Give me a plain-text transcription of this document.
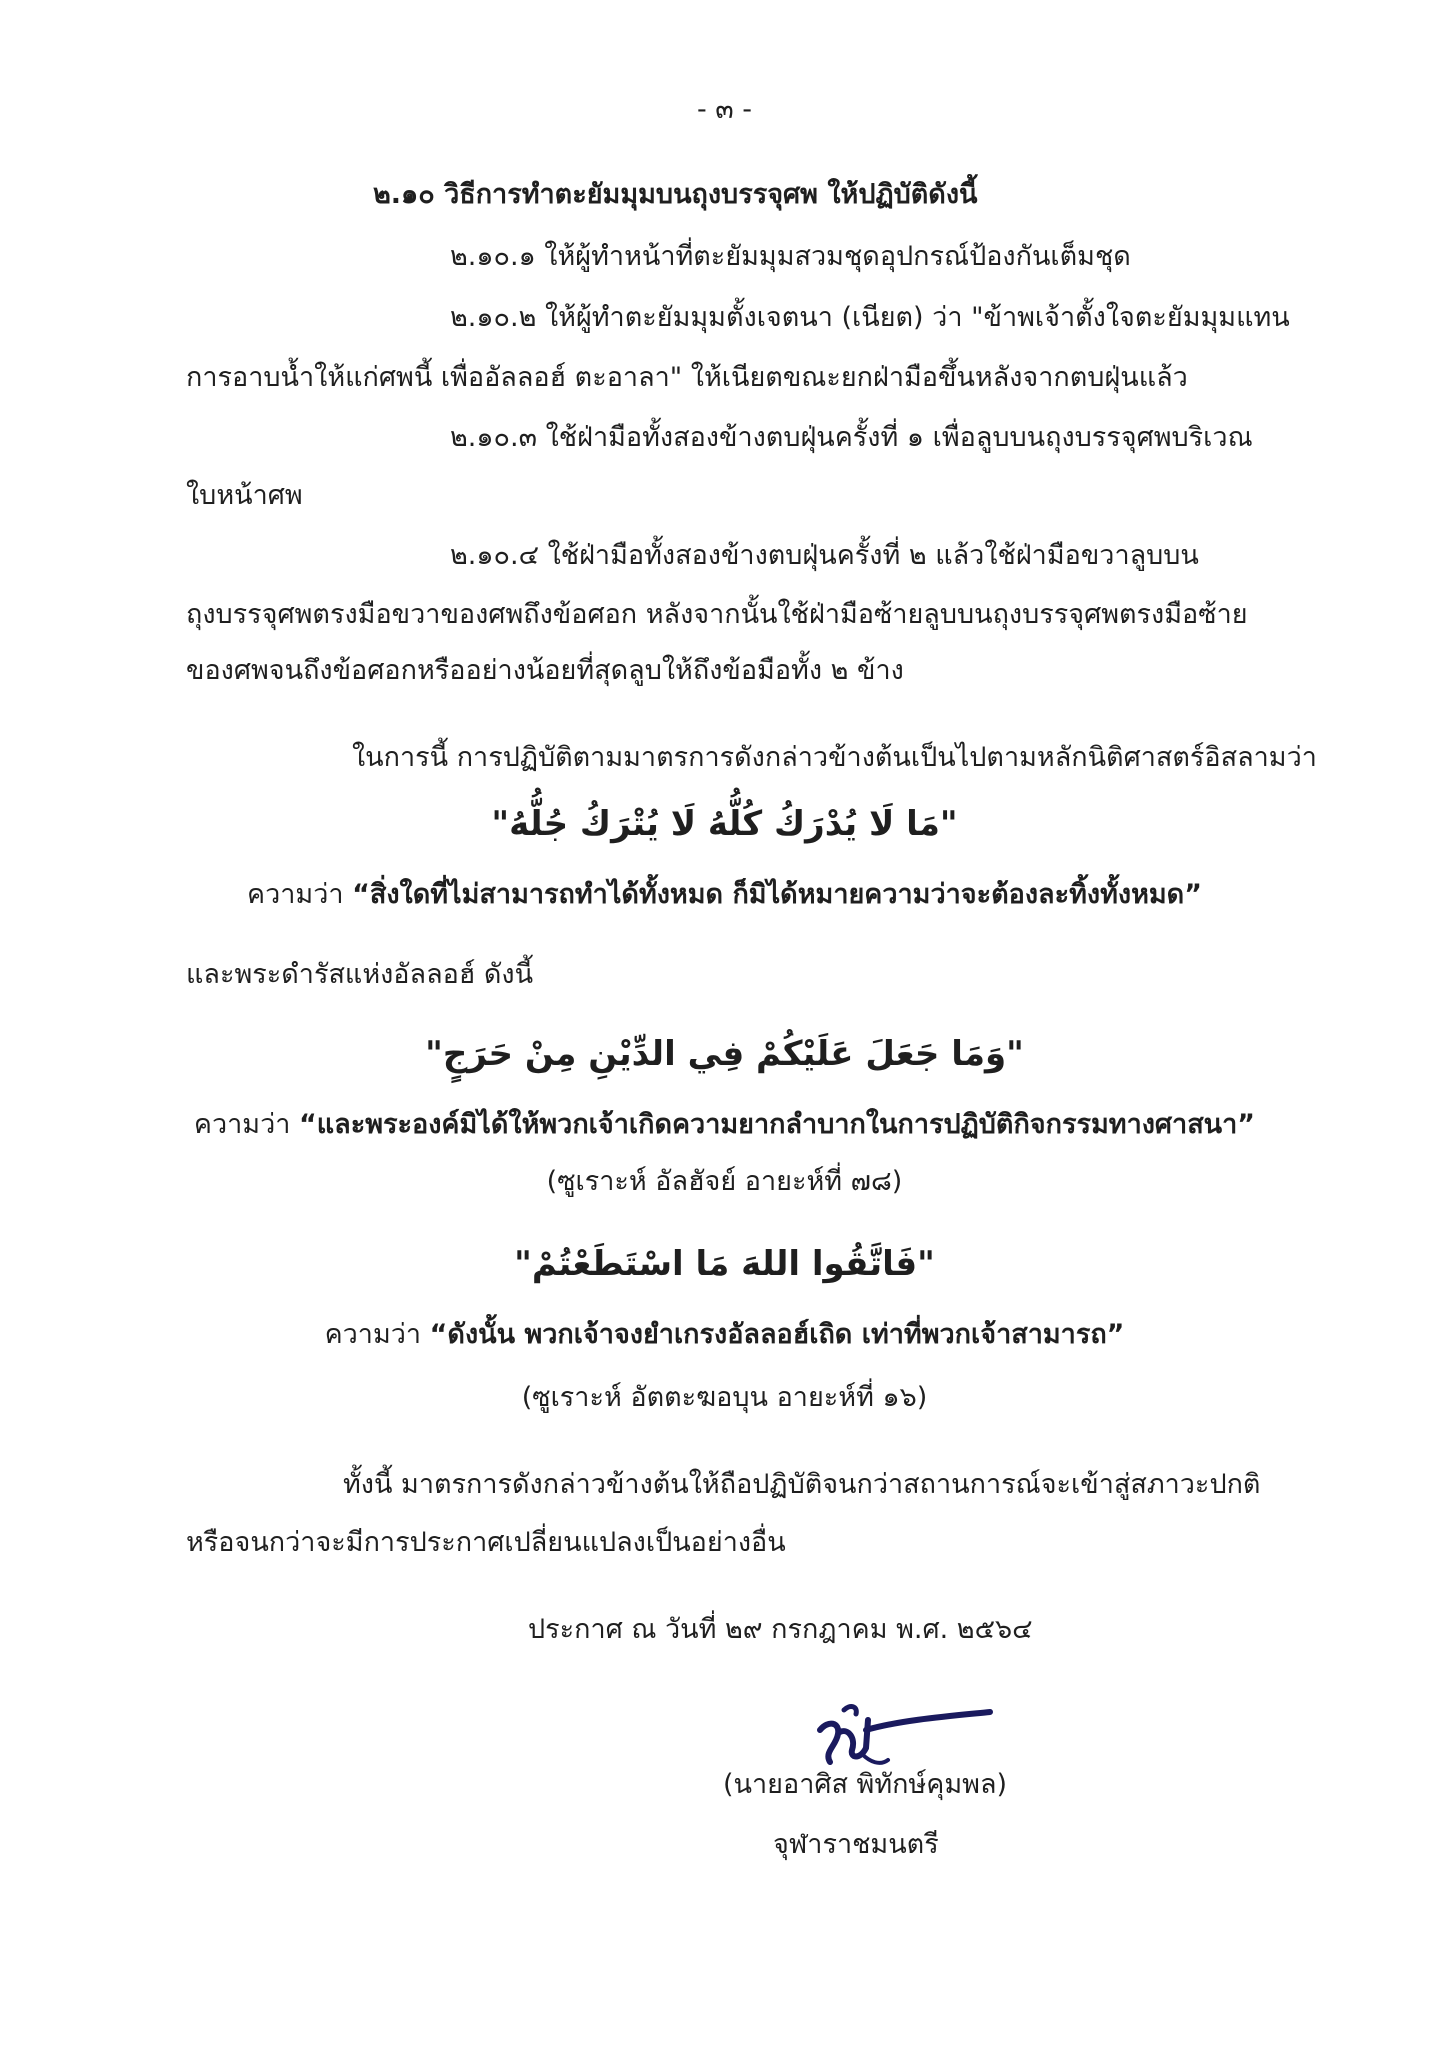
- ๓ -
๒.๑๐ วิธีการทำตะยัมมุมบนถุงบรรจุศพ ให้ปฏิบัติดังนี้
๒.๑๐.๑ ให้ผู้ทำหน้าที่ตะยัมมุมสวมชุดอุปกรณ์ป้องกันเต็มชุด
๒.๑๐.๒ ให้ผู้ทำตะยัมมุมตั้งเจตนา (เนียต) ว่า "ข้าพเจ้าตั้งใจตะยัมมุมแทน
การอาบน้ำให้แก่ศพนี้ เพื่ออัลลอฮ์ ตะอาลา" ให้เนียตขณะยกฝ่ามือขึ้นหลังจากตบฝุ่นแล้ว
๒.๑๐.๓ ใช้ฝ่ามือทั้งสองข้างตบฝุ่นครั้งที่ ๑ เพื่อลูบบนถุงบรรจุศพบริเวณ
ใบหน้าศพ
๒.๑๐.๔ ใช้ฝ่ามือทั้งสองข้างตบฝุ่นครั้งที่ ๒ แล้วใช้ฝ่ามือขวาลูบบน
ถุงบรรจุศพตรงมือขวาของศพถึงข้อศอก หลังจากนั้นใช้ฝ่ามือซ้ายลูบบนถุงบรรจุศพตรงมือซ้าย
ของศพจนถึงข้อศอกหรืออย่างน้อยที่สุดลูบให้ถึงข้อมือทั้ง ๒ ข้าง
ในการนี้ การปฏิบัติตามมาตรการดังกล่าวข้างต้นเป็นไปตามหลักนิติศาสตร์อิสลามว่า
"مَا لَا يُدْرَكُ كُلُّهُ لَا يُتْرَكُ جُلُّهُ"
ความว่า “สิ่งใดที่ไม่สามารถทำได้ทั้งหมด ก็มิได้หมายความว่าจะต้องละทิ้งทั้งหมด”
และพระดำรัสแห่งอัลลอฮ์ ดังนี้
"وَمَا جَعَلَ عَلَيْكُمْ فِي الدِّيْنِ مِنْ حَرَجٍ"
ความว่า “และพระองค์มิได้ให้พวกเจ้าเกิดความยากลำบากในการปฏิบัติกิจกรรมทางศาสนา”
(ซูเราะห์ อัลฮัจย์ อายะห์ที่ ๗๘)
"فَاتَّقُوا اللهَ مَا اسْتَطَعْتُمْ"
ความว่า “ดังนั้น พวกเจ้าจงยำเกรงอัลลอฮ์เถิด เท่าที่พวกเจ้าสามารถ”
(ซูเราะห์ อัตตะฆอบุน อายะห์ที่ ๑๖)
ทั้งนี้ มาตรการดังกล่าวข้างต้นให้ถือปฏิบัติจนกว่าสถานการณ์จะเข้าสู่สภาวะปกติ
หรือจนกว่าจะมีการประกาศเปลี่ยนแปลงเป็นอย่างอื่น
ประกาศ ณ วันที่ ๒๙ กรกฎาคม พ.ศ. ๒๕๖๔
(นายอาศิส พิทักษ์คุมพล)
จุฬาราชมนตรี
